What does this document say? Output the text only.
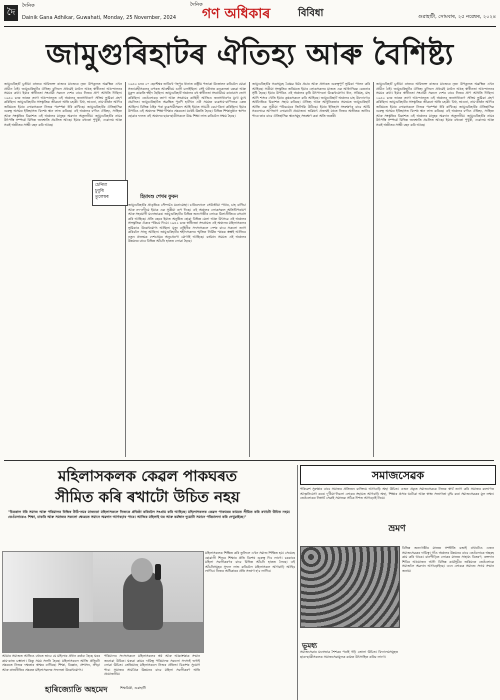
দৈ
দৈনিক
Dainik Gana Adhikar, Guwahati, Monday, 25 November, 2024
দৈনিক
গণ অধিকাৰ	বিবিধা	গুৱাহাটী, সোমবাৰ, ২৫ নৱেম্বৰ, ২০২৪
জামুগুৰিহাটৰ ঐতিহ্য আৰু বৈশিষ্ট্য
জামুগুৰিহাট চুতীয়া ৰাজ্যৰ অবিভক্ত ৰাজ্যৰ মাজেৰে নৃত্য উপকূলত অৱস্থিত এখন প্ৰাচীন ঠাই। জামুগুৰিহাটৰ ঐতিহ্য বুলিলে প্ৰথমেই মনলৈ আহে স্বাধীনতা আন্দোলনৰ সময়ৰ কথা। ইয়াৰ স্বাধীনতা সংগ্ৰামী সকলে দেশৰ বাবে নিজৰ প্ৰাণ আহুতি দিছিল। ১৯৪২ চনৰ ভাৰত ত্যাগ আন্দোলনত এই অঞ্চলৰ জনসাধাৰণে সক্ৰিয় ভূমিকা গ্ৰহণ কৰিছিল। জামুগুৰিহাটৰ সাংস্কৃতিক জীৱনো অতি চহকী। বিহু, ভাওনা, নাম-কীৰ্তন আদিৰ জৰিয়তে ইয়াৰ লোকসকলে নিজৰ পৰম্পৰা ধৰি ৰাখিছে। জামুগুৰিহাটৰ ঐতিহাসিক গুৰুত্ব অসমৰ ইতিহাসত বিশেষ স্থান লাভ কৰিছে। এই অঞ্চলৰ বৰ্ণাঢ্য ঐতিহ্য, সাহিত্য আৰু সংস্কৃতিৰ বিকাশত এই অঞ্চলৰ মানুহৰ অৱদান অতুলনীয়। জামুগুৰিহাটৰ নামৰ উৎপত্তি সম্পৰ্কে বিভিন্ন জনশ্ৰুতি প্ৰচলিত আছে। ইয়াৰ বহুতো পুখুৰী, দেৱালয় আৰু সত্ৰই অতীতৰ সাক্ষী বহন কৰি আছে।
১৯৪২ চনৰ ২০ ছেপ্টেম্বৰ তাৰিখে গহপুৰ থানাত ৰাষ্ট্ৰীয় পতাকা উত্তোলন কৰিবলৈ যোৱা সত্যাগ্ৰহীসকলৰ ওপৰত আৰক্ষীয়ে গুলী চলাইছিল। সেই ঘটনাত কনকলতা বৰুৱা আৰু মুকুন্দ কাকতি শ্বহীদ হৈছিল। জামুগুৰিহাট অঞ্চলৰ বহু স্বাধীনতা সংগ্ৰামীয়ে কাৰাবাস ভোগ কৰিছিল। তেওঁলোকৰ ত্যাগ আৰু সংগ্ৰামৰ কাহিনী আজিও জনসাধাৰণৰ মুখে মুখে প্ৰচলিত। জামুগুৰিহাটত অৱস্থিত পুৰণি হাটখন এটা সময়ত ব্যৱসায়-বাণিজ্যৰ কেন্দ্ৰ আছিল। বিভিন্ন ঠাইৰ পৰা ব্যৱসায়ীসকল আহি ইয়াত সামগ্ৰী বেচা-কিনা কৰিছিল। ইয়াৰ উপৰিও এই অঞ্চলৰ শিক্ষা-দীক্ষাৰ ক্ষেত্ৰতো যথেষ্ট উন্নতি হৈছে। বিভিন্ন শিক্ষানুষ্ঠান স্থাপন হোৱাৰ ফলত এই অঞ্চলৰ ছাত্ৰ-ছাত্ৰীসকলে উচ্চ শিক্ষা লাভ কৰিবলৈ সক্ষম হৈছে।
চেনিমা
চুবুৰি
তুলেশ্বৰ	হিমাংশু শেখৰ ফুকন
জামুগুৰিহাটৰ প্ৰাকৃতিক সৌন্দৰ্যও মনোমোহা। চাৰিওফালে সেউজীয়া পথাৰ, চাহ বাগিচা আৰু নদ-নদীয়ে ইয়াক এক সুকীয়া ৰূপ দিছে। এই অঞ্চলৰ লোকসকল অতিথিপৰায়ণ আৰু সহযোগী মনোভাৱৰ। জামুগুৰিহাটৰ বিভিন্ন জনগোষ্ঠীৰ লোকে মিলাপ্ৰীতিৰে বসবাস কৰি আহিছে। প্ৰতি বছৰে ইয়াত অনুষ্ঠিত হোৱা বিভিন্ন মেলা আৰু উৎসৱে এই অঞ্চলৰ সাংস্কৃতিক ঐক্যৰ পৰিচয় দিয়ে। ১৯৪২ চনৰ স্বাধীনতা সংগ্ৰামত এই অঞ্চলৰ মহিলাসকলৰ ভূমিকাও উল্লেখযোগ্য আছিল। মৃত্যু বাহিনীৰ সদস্যসকলে দেশৰ বাবে সকলো ত্যাগ কৰিবলৈ সাজু আছিল। জামুগুৰিহাটৰ শ্বহীদসকলৰ স্মৃতিত নিৰ্মিত স্মাৰক স্তম্ভই আজিও নতুন প্ৰজন্মক দেশপ্ৰেমৰ অনুপ্ৰেৰণা যোগাই আহিছে। বৰ্তমান সময়ত এই অঞ্চলৰ উন্নয়নৰ বাবে বিভিন্ন আঁচনি হাতত লোৱা হৈছে।
জামুগুৰিহাটৰ সত্ৰসমূহে বৈষ্ণৱ ধৰ্মৰ প্ৰচাৰ আৰু প্ৰসাৰত গুৰুত্বপূৰ্ণ ভূমিকা পালন কৰি আহিছে। সত্ৰীয়া সংস্কৃতিৰ জৰিয়তে ইয়াৰ লোকসকলৰ মাজত এক আধ্যাত্মিক চেতনাৰ সৃষ্টি হৈছে। ইয়াৰ উপৰিও এই অঞ্চলৰ কৃষি উৎপাদনো উল্লেখযোগ্য। ধান, সৰিয়হ, মাহ আদি শস্যৰ খেতি ইয়াৰ কৃষকসকলে কৰি আহিছে। জামুগুৰিহাট অঞ্চলৰ চাহ উদ্যোগেও অৰ্থনৈতিক বিকাশত সহায় কৰিছে। ঐতিহ্য আৰু আধুনিকতাৰ সমন্বয়ত জামুগুৰিহাট আজি এক সুকীয়া পৰিচয়েৰে জিলিকি উঠিছে। ইয়াৰ ইতিহাস সংৰক্ষণৰ বাবে আমি সকলোৱে আগভাগ লোৱাটো প্ৰয়োজন। ভৱিষ্যৎ প্ৰজন্মই যাতে নিজৰ অতীতক জানিব পাৰে তাৰ বাবে ঐতিহাসিক স্থানসমূহ সংৰক্ষণ কৰা অতি জৰুৰী।
জামুগুৰিহাট চুতীয়া ৰাজ্যৰ অবিভক্ত ৰাজ্যৰ মাজেৰে নৃত্য উপকূলত অৱস্থিত এখন প্ৰাচীন ঠাই। জামুগুৰিহাটৰ ঐতিহ্য বুলিলে প্ৰথমেই মনলৈ আহে স্বাধীনতা আন্দোলনৰ সময়ৰ কথা। ইয়াৰ স্বাধীনতা সংগ্ৰামী সকলে দেশৰ বাবে নিজৰ প্ৰাণ আহুতি দিছিল। ১৯৪২ চনৰ ভাৰত ত্যাগ আন্দোলনত এই অঞ্চলৰ জনসাধাৰণে সক্ৰিয় ভূমিকা গ্ৰহণ কৰিছিল। জামুগুৰিহাটৰ সাংস্কৃতিক জীৱনো অতি চহকী। বিহু, ভাওনা, নাম-কীৰ্তন আদিৰ জৰিয়তে ইয়াৰ লোকসকলে নিজৰ পৰম্পৰা ধৰি ৰাখিছে। জামুগুৰিহাটৰ ঐতিহাসিক গুৰুত্ব অসমৰ ইতিহাসত বিশেষ স্থান লাভ কৰিছে। এই অঞ্চলৰ বৰ্ণাঢ্য ঐতিহ্য, সাহিত্য আৰু সংস্কৃতিৰ বিকাশত এই অঞ্চলৰ মানুহৰ অৱদান অতুলনীয়। জামুগুৰিহাটৰ নামৰ উৎপত্তি সম্পৰ্কে বিভিন্ন জনশ্ৰুতি প্ৰচলিত আছে। ইয়াৰ বহুতো পুখুৰী, দেৱালয় আৰু সত্ৰই অতীতৰ সাক্ষী বহন কৰি আছে।
মহিলাসকলক কেৱল পাকঘৰত
সীমিত কৰি ৰখাটো উচিত নহয়
"চিৰকাল ধৰি সমাজ আৰু পৰিয়ালৰ বিভিন্ন উঠি-নমৰ মাজতো মহিলাসকলে নিজকে প্ৰতিষ্ঠা কৰিবলৈ সংগ্ৰাম কৰি আহিছে। মহিলাসকলক কেৱল পাকঘৰৰ কামতে সীমিত কৰি ৰখাটো উচিত নহয়। তেওঁলোকেও শিক্ষা, চাকৰি আৰু সমাজৰ সকলো ক্ষেত্ৰতে সমানে অৱদান আগবঢ়াব পাৰে। আজিৰ মহিলাই ঘৰ আৰু কৰ্মস্থান দুয়োটা সমানে পৰিচালনা কৰি দেখুৱাইছে।"
আমাৰ সমাজত আজিও বহুতে ভাবে যে মহিলাৰ প্ৰধান কৰ্তব্য হৈছে ঘৰৰ কাম-কাজ চম্ভালা। কিন্তু সময় সলনি হৈছে। মহিলাসকলে আজি প্ৰতিটো ক্ষেত্ৰতে নিজৰ দক্ষতাৰ স্বাক্ষৰ ৰাখিছে। শিক্ষা, বিজ্ঞান, প্ৰশাসন, ক্ৰীড়া আৰু ৰাজনীতিৰ ক্ষেত্ৰত মহিলাসকলৰ সফলতা উল্লেখযোগ্য।
পৰিয়ালৰ সদস্যসকলে মহিলাসকলৰ স্বপ্ন আৰু আকাংক্ষাক সন্মান জনোৱা উচিত। ঘৰুৱা কামৰ দায়িত্ব পৰিয়ালৰ সকলো সদস্যই ভগাই লোৱা উচিত। তেতিয়াহে মহিলাসকলে নিজৰ প্ৰতিভা বিকাশৰ সুযোগ পাব। সমাজৰ সামগ্ৰিক উন্নয়নৰ বাবে মহিলা সবলীকৰণ অতি প্ৰয়োজনীয়।
হাৰিজ্যোতি অহমেদ	শিক্ষয়িত্ৰী, গুৱাহাটী
মহিলাসকলক শিক্ষিত কৰি তুলিলে এখন সমাজ শিক্ষিত হয়। সেয়েহে ছোৱালী শিশুৰ শিক্ষাৰ প্ৰতি বিশেষ গুৰুত্ব দিব লাগে। চৰকাৰে মহিলা সবলীকৰণৰ বাবে বিভিন্ন আঁচনি হাতত লৈছে। এই আঁচনিসমূহৰ সুফল লাভ কৰিবলৈ মহিলাসকল আগবাঢ়ি আহিব লাগিব। নিজৰ অধিকাৰৰ প্ৰতি সজাগ হ'ব লাগিব।
সমাজসেৱক
পৰিৱেশ সুৰক্ষাৰ বাবে সমাজৰ প্ৰতিজন ব্যক্তিয়ে আগবাঢ়ি অহা উচিত। এজন প্ৰকৃত সমাজসেৱকে নিজৰ স্বাৰ্থ ত্যাগ কৰি সমাজৰ কল্যাণত আত্মনিয়োগ কৰে। দুখীয়া-নিচলা লোকৰ সহায়ত আগবাঢ়ি অহা, শিক্ষাৰ প্ৰসাৰ ঘটোৱা আৰু স্বাস্থ্য সজাগতা বৃদ্ধি কৰা সমাজসেৱকৰ মূল লক্ষ্য। তেওঁলোকৰ নিস্বাৰ্থ সেৱাই সমাজক সঠিক দিশত আগবঢ়াই নিয়ে।
ভ্ৰমণ
বিভিন্ন জনগোষ্ঠীৰ মাজত সম্প্ৰীতি বজাই ৰখাটোও এজন সমাজসেৱকৰ দায়িত্ব। গাঁও অঞ্চলৰ উন্নয়নৰ বাবে তেওঁলোকে অহৰহ কাম কৰি থাকে। বানপীড়িত লোকৰ মাজত সাহায্য বিতৰণ, ৰক্তদান শিবিৰ আয়োজন আদি বিভিন্ন কাৰ্যসূচীৰ জৰিয়তে তেওঁলোকে সমাজলৈ অৱদান আগবঢ়াইছে। এনে লোকক সমাজে সদায় সন্মান জনায়।
ভূমধ্য
সমাজসেৱাৰ মনোভাৱ শৈশৱৰ পৰাই গঢ়ি তোলা উচিত। বিদ্যালয়সমূহত ছাত্ৰ-ছাত্ৰীসকলক সমাজসেৱামূলক কামত উৎসাহিত কৰিব লাগে।
